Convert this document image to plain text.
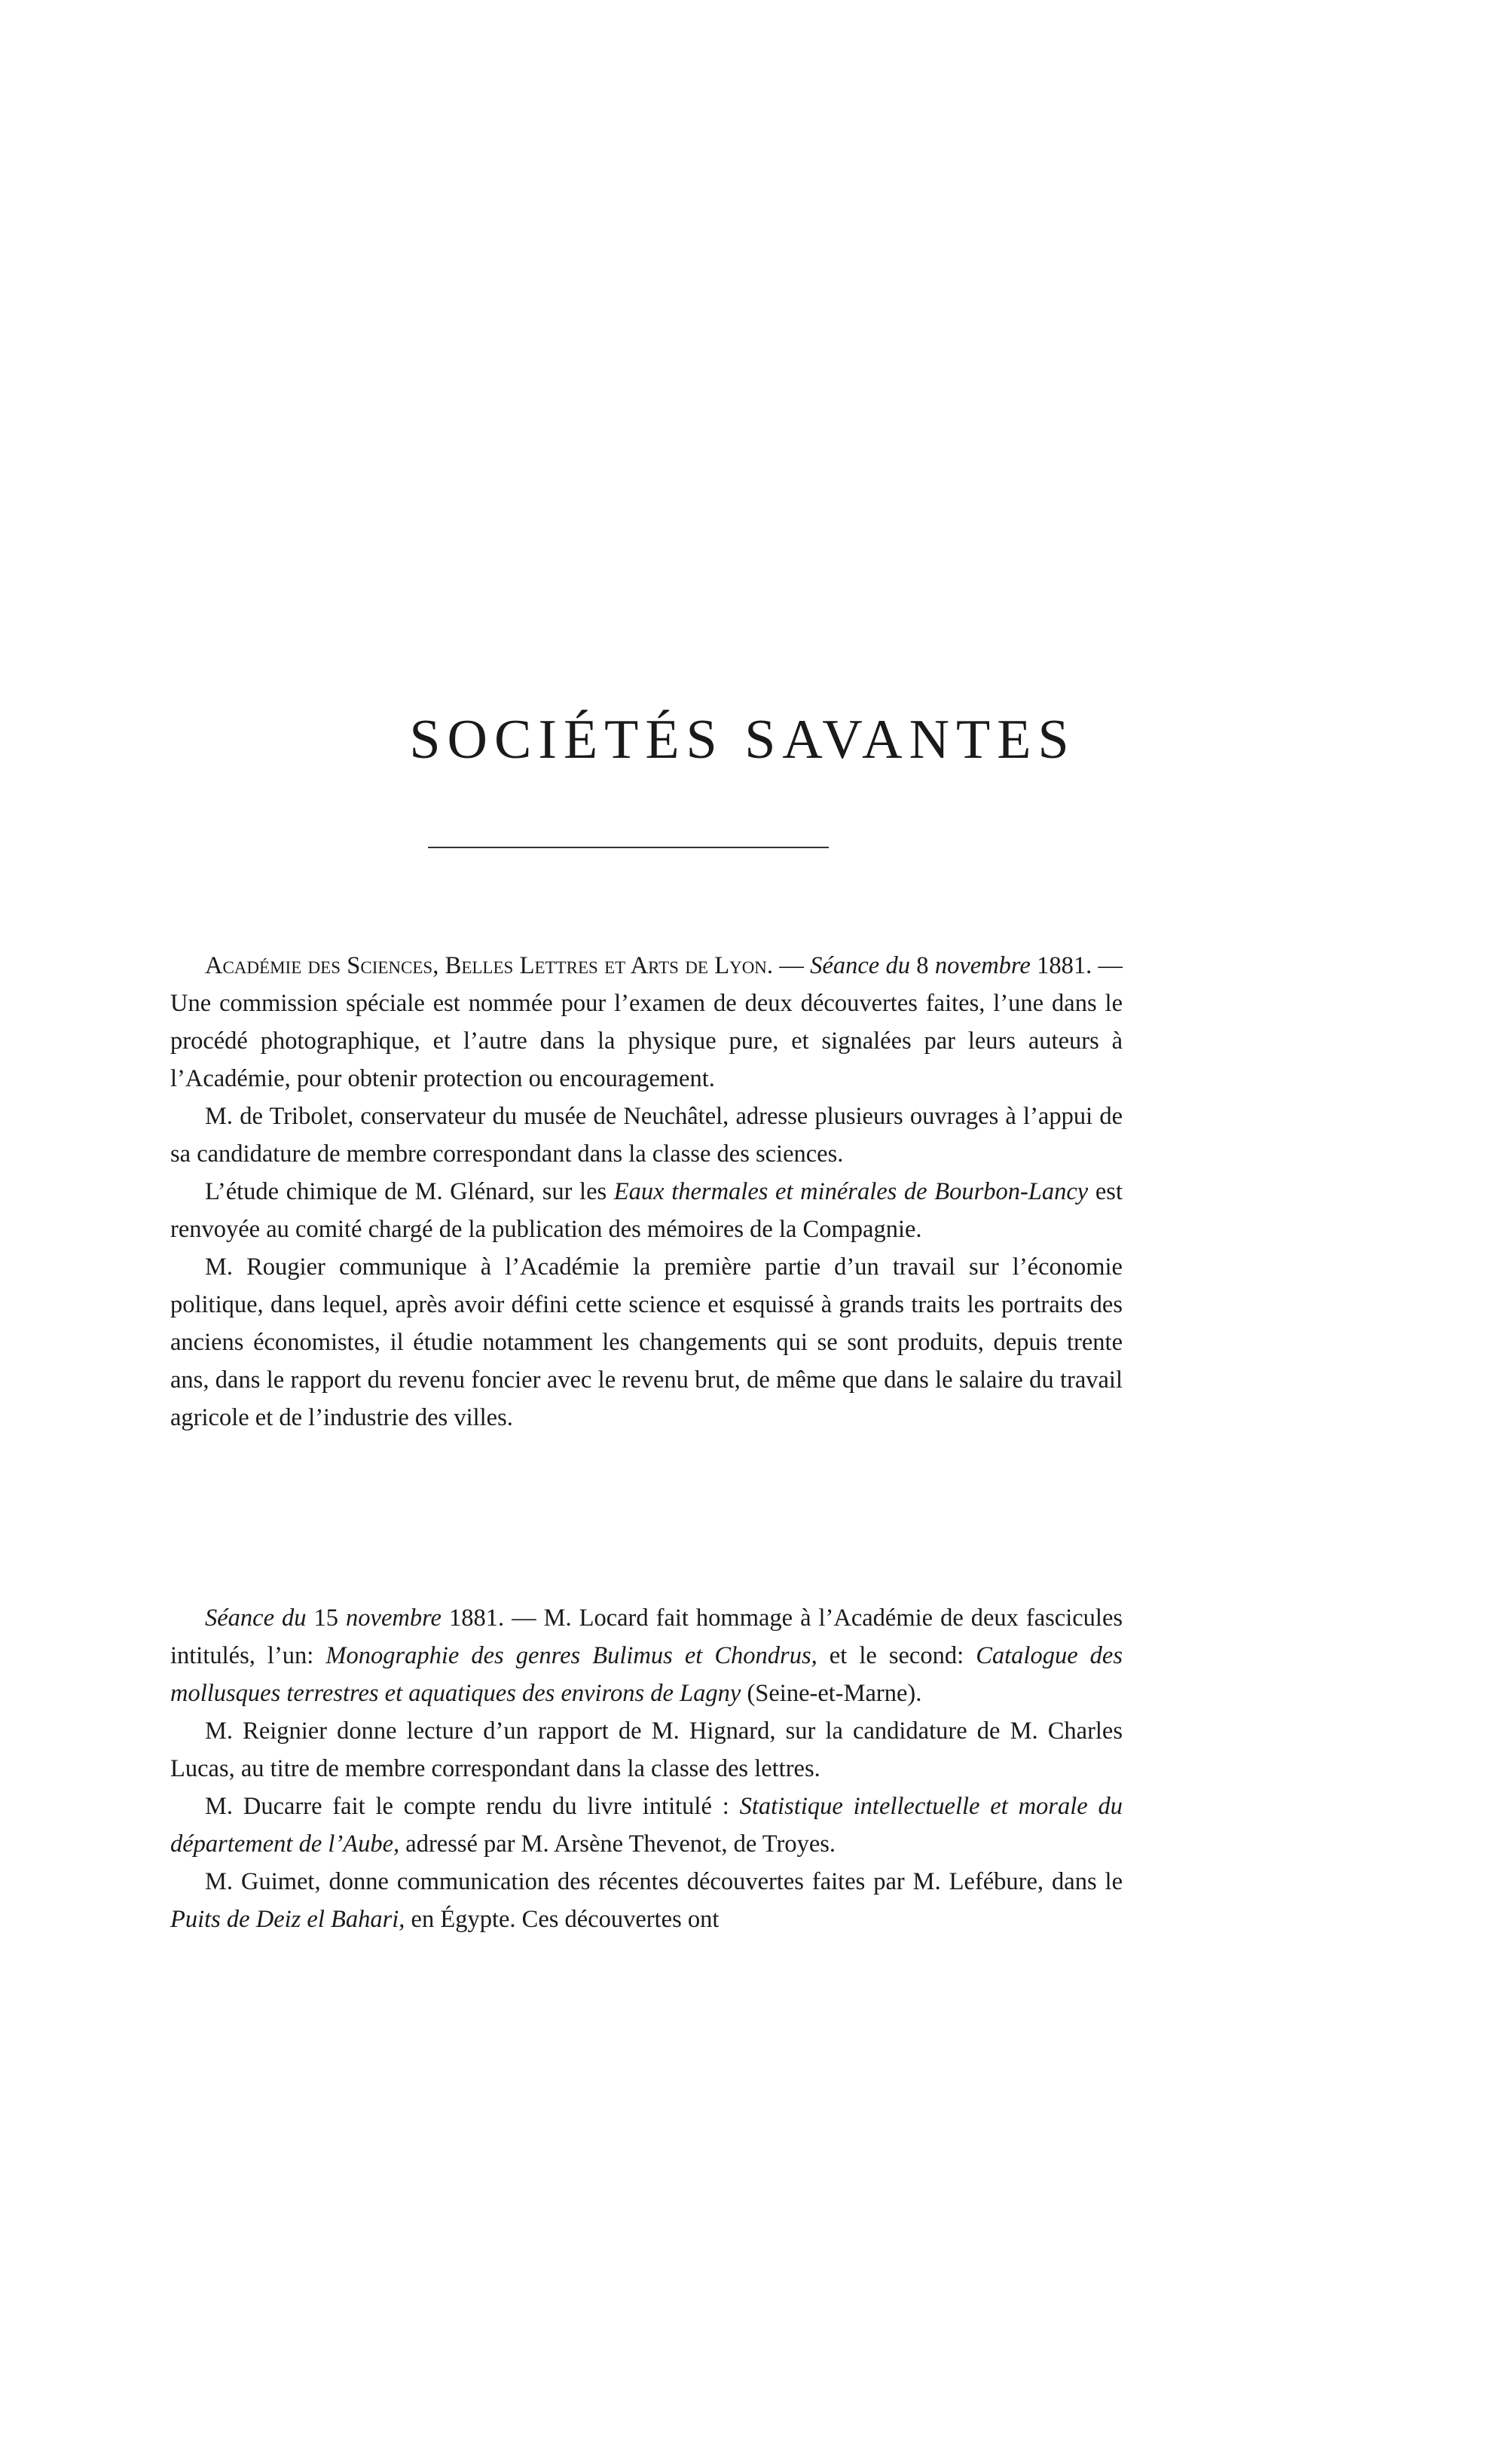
SOCIÉTÉS SAVANTES

Académie des Sciences, Belles Lettres et Arts de Lyon. — Séance du 8 novembre 1881. — Une commission spéciale est nommée pour l’examen de deux découvertes faites, l’une dans le procédé photographique, et l’autre dans la physique pure, et signalées par leurs auteurs à l’Académie, pour obtenir protection ou encouragement.

M. de Tribolet, conservateur du musée de Neuchâtel, adresse plusieurs ouvrages à l’appui de sa candidature de membre correspondant dans la classe des sciences.

L’étude chimique de M. Glénard, sur les Eaux thermales et minérales de Bourbon-Lancy est renvoyée au comité chargé de la publication des mémoires de la Compagnie.

M. Rougier communique à l’Académie la première partie d’un travail sur l’économie politique, dans lequel, après avoir défini cette science et esquissé à grands traits les portraits des anciens économistes, il étudie notamment les changements qui se sont produits, depuis trente ans, dans le rapport du revenu foncier avec le revenu brut, de même que dans le salaire du travail agricole et de l’industrie des villes.

Séance du 15 novembre 1881. — M. Locard fait hommage à l’Académie de deux fascicules intitulés, l’un: Monographie des genres Bulimus et Chondrus, et le second: Catalogue des mollusques terrestres et aquatiques des environs de Lagny (Seine-et-Marne).

M. Reignier donne lecture d’un rapport de M. Hignard, sur la candidature de M. Charles Lucas, au titre de membre correspondant dans la classe des lettres.

M. Ducarre fait le compte rendu du livre intitulé : Statistique intellectuelle et morale du département de l’Aube, adressé par M. Arsène Thevenot, de Troyes.

M. Guimet, donne communication des récentes découvertes faites par M. Lefébure, dans le Puits de Deiz el Bahari, en Égypte. Ces découvertes ont
